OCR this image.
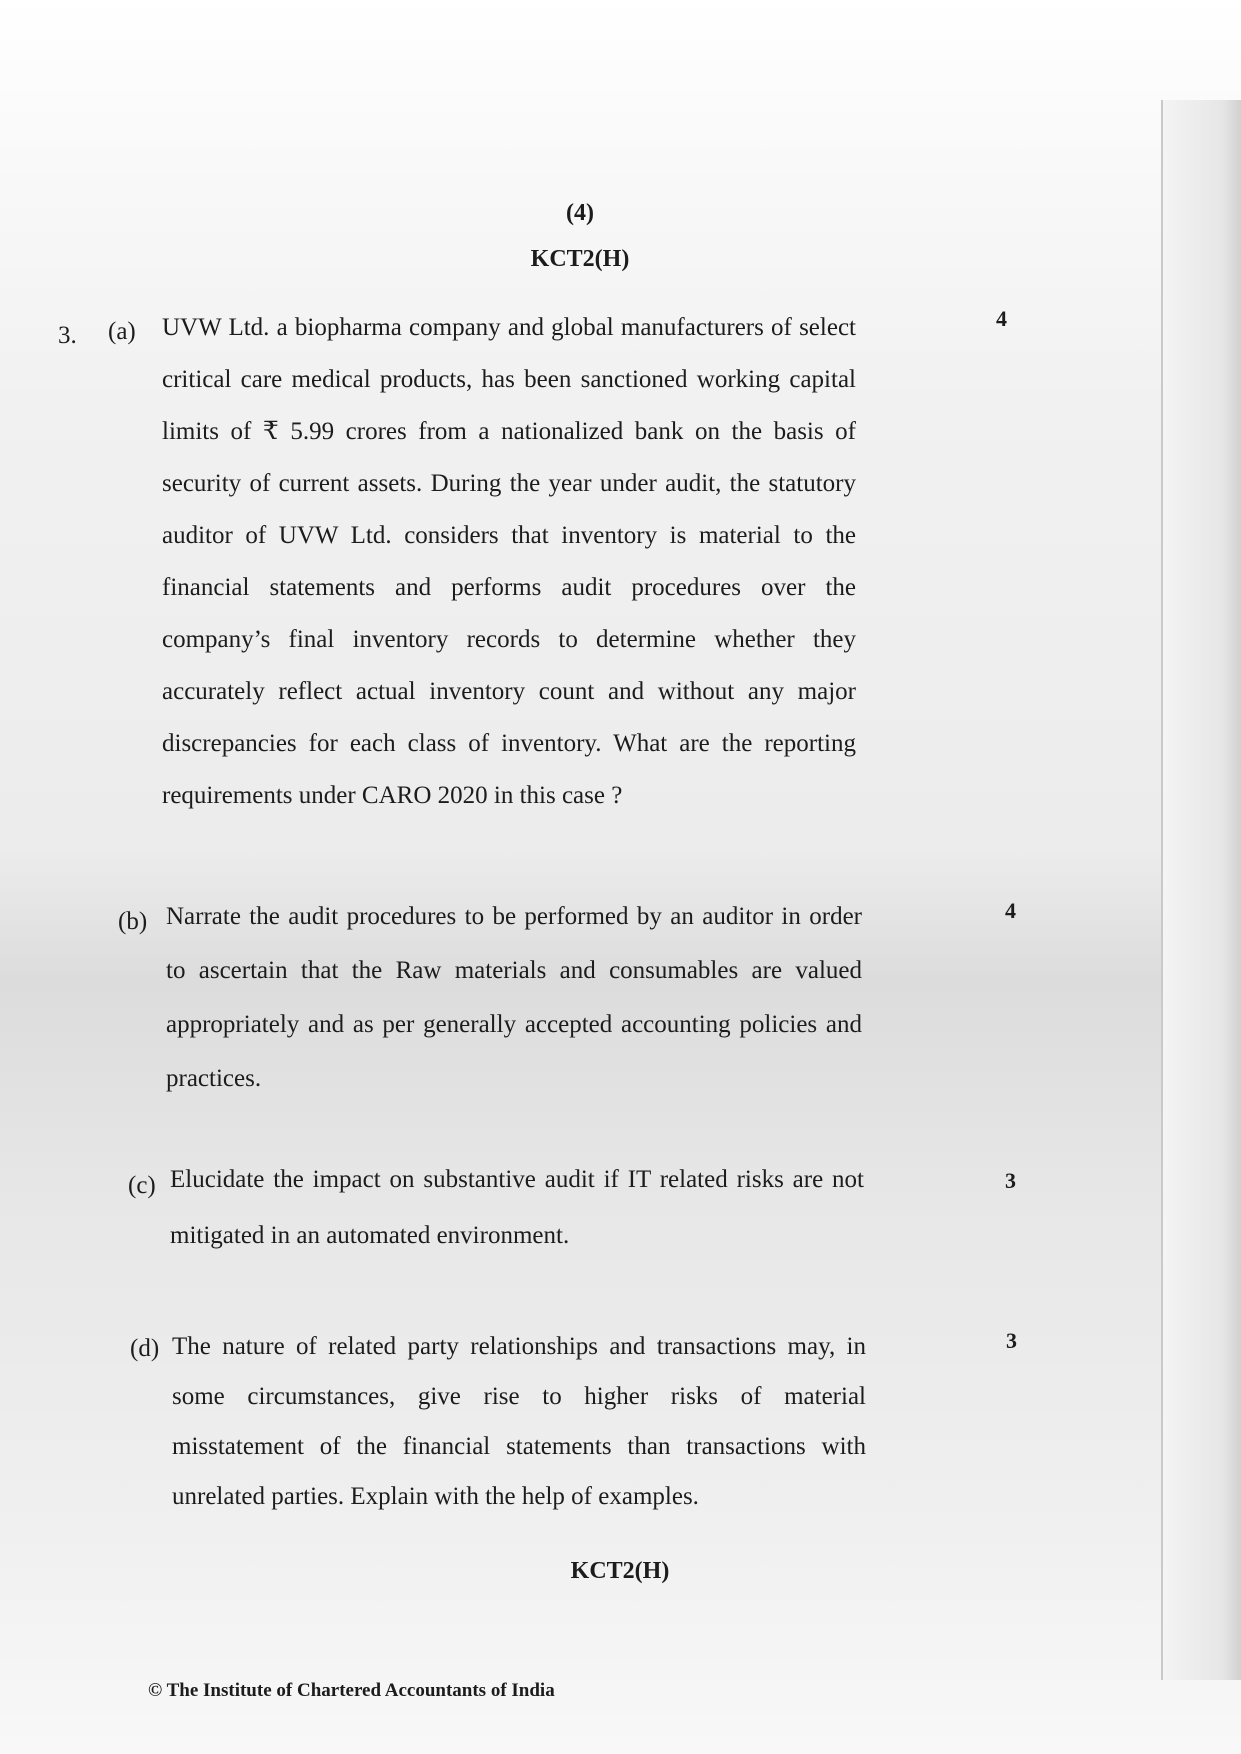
(4)
KCT2(H)
3. (a) UVW Ltd. a biopharma company and global manufacturers of select critical care medical products, has been sanctioned working capital limits of ₹ 5.99 crores from a nationalized bank on the basis of security of current assets. During the year under audit, the statutory auditor of UVW Ltd. considers that inventory is material to the financial statements and performs audit procedures over the company’s final inventory records to determine whether they accurately reflect actual inventory count and without any major discrepancies for each class of inventory. What are the reporting requirements under CARO 2020 in this case ?
4
(b) Narrate the audit procedures to be performed by an auditor in order to ascertain that the Raw materials and consumables are valued appropriately and as per generally accepted accounting policies and practices.
4
(c) Elucidate the impact on substantive audit if IT related risks are not mitigated in an automated environment.
3
(d) The nature of related party relationships and transactions may, in some circumstances, give rise to higher risks of material misstatement of the financial statements than transactions with unrelated parties. Explain with the help of examples.
3
KCT2(H)
© The Institute of Chartered Accountants of India
